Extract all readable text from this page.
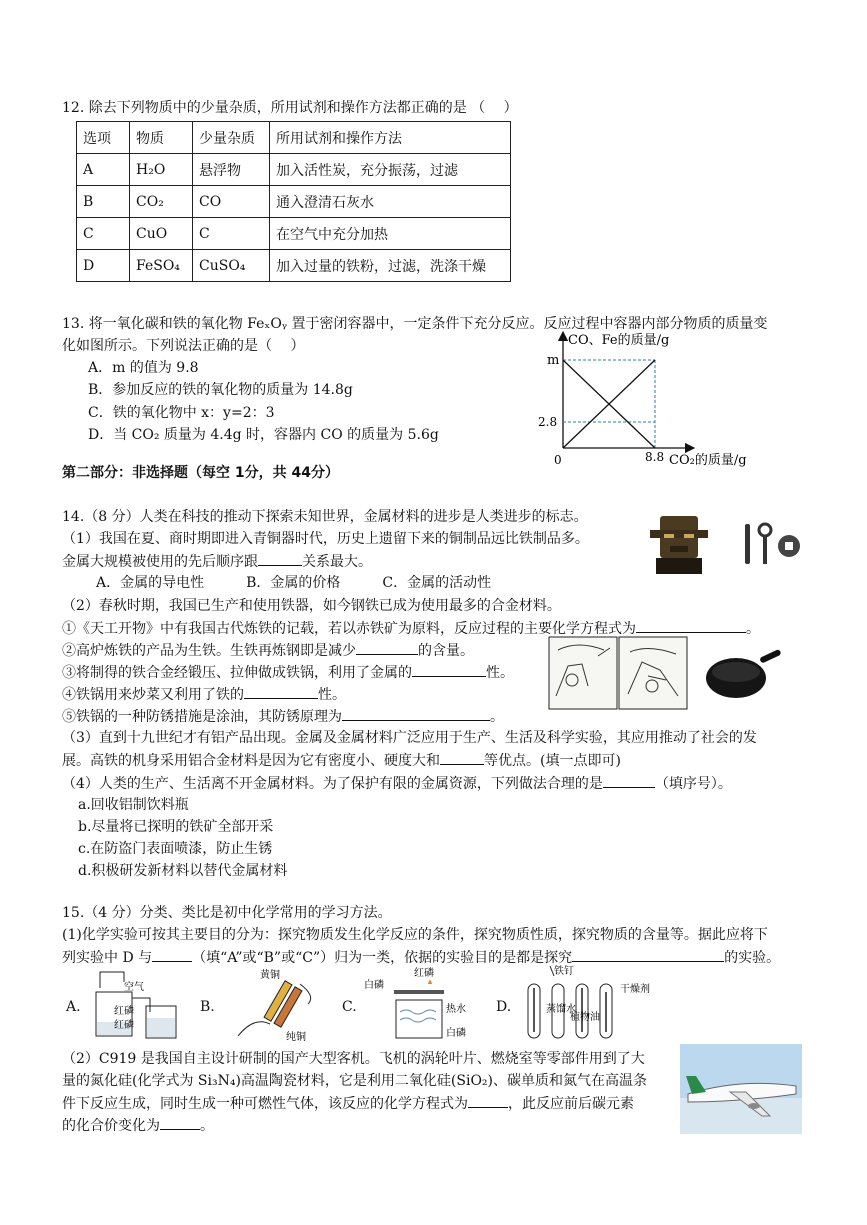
12. 除去下列物质中的少量杂质，所用试剂和操作方法都正确的是 （　 ）
选项	物质	少量杂质	所用试剂和操作方法
A	H₂O	悬浮物	加入活性炭，充分振荡，过滤
B	CO₂	CO	通入澄清石灰水
C	CuO	C	在空气中充分加热
D	FeSO₄	CuSO₄	加入过量的铁粉，过滤，洗涤干燥
13. 将一氧化碳和铁的氧化物 FeₓOᵧ 置于密闭容器中，一定条件下充分反应。反应过程中容器内部分物质的质量变
化如图所示。下列说法正确的是（　 ）
A．m 的值为 9.8
B．参加反应的铁的氧化物的质量为 14.8g
C．铁的氧化物中 x：y=2：3
D．当 CO₂ 质量为 4.4g 时，容器内 CO 的质量为 5.6g
CO、Fe的质量/g
CO₂的质量/g
0	8.8
2.8
m
第二部分：非选择题（每空 1分，共 44分）
14.（8 分）人类在科技的推动下探索未知世界，金属材料的进步是人类进步的标志。
（1）我国在夏、商时期即进入青铜器时代，历史上遗留下来的铜制品远比铁制品多。
金属大规模被使用的先后顺序跟	关系最大。
A．金属的导电性　　　B．金属的价格　　　C．金属的活动性
（2）春秋时期，我国已生产和使用铁器，如今钢铁已成为使用最多的合金材料。
①《天工开物》中有我国古代炼铁的记载，若以赤铁矿为原料，反应过程的主要化学方程式为	。
②高炉炼铁的产品为生铁。生铁再炼钢即是减少	的含量。
③将制得的铁合金经锻压、拉伸做成铁锅，利用了金属的	性。
④铁锅用来炒菜又利用了铁的	性。
⑤铁锅的一种防锈措施是涂油，其防锈原理为	。
（3）直到十九世纪才有铝产品出现。金属及金属材料广泛应用于生产、生活及科学实验，其应用推动了社会的发
展。高铁的机身采用铝合金材料是因为它有密度小、硬度大和	等优点。(填一点即可)
（4）人类的生产、生活离不开金属材料。为了保护有限的金属资源，下列做法合理的是	（填序号）。
a.回收铝制饮料瓶
b.尽量将已探明的铁矿全部开采
c.在防盗门表面喷漆，防止生锈
d.积极研发新材料以替代金属材料
15.（4 分）分类、类比是初中化学常用的学习方法。
(1)化学实验可按其主要目的分为：探究物质发生化学反应的条件，探究物质性质，探究物质的含量等。据此应将下
列实验中 D 与	（填“A”或“B”或“C”）归为一类，依据的实验目的是都是探究	的实验。
A.
空气
红磷
红磷
B.
黄铜
纯铜
C.
白磷
红磷
热水
白磷
D.
铁钉
蒸馏水
植物油
干燥剂
（2）C919 是我国自主设计研制的国产大型客机。飞机的涡轮叶片、燃烧室等零部件用到了大
量的氮化硅(化学式为 Si₃N₄)高温陶瓷材料，它是利用二氧化硅(SiO₂)、碳单质和氮气在高温条
件下反应生成，同时生成一种可燃性气体，该反应的化学方程式为	，此反应前后碳元素
的化合价变化为	。
